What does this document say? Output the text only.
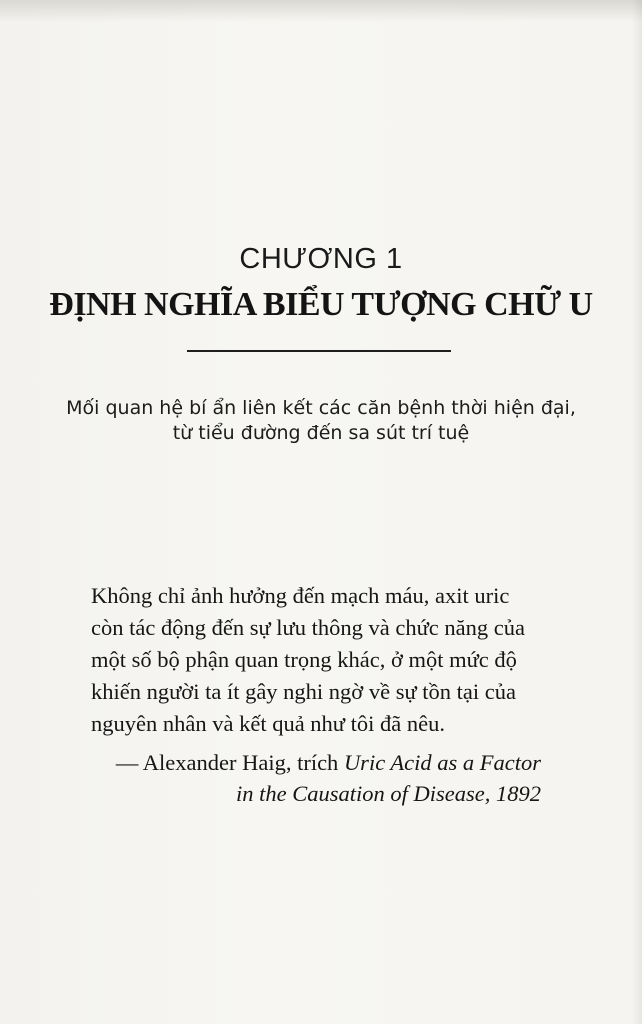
CHƯƠNG 1
ĐỊNH NGHĨA BIỂU TƯỢNG CHỮ U
Mối quan hệ bí ẩn liên kết các căn bệnh thời hiện đại,
từ tiểu đường đến sa sút trí tuệ
Không chỉ ảnh hưởng đến mạch máu, axit uric
còn tác động đến sự lưu thông và chức năng của
một số bộ phận quan trọng khác, ở một mức độ
khiến người ta ít gây nghi ngờ về sự tồn tại của
nguyên nhân và kết quả như tôi đã nêu.
— Alexander Haig, trích Uric Acid as a Factor
in the Causation of Disease, 1892
